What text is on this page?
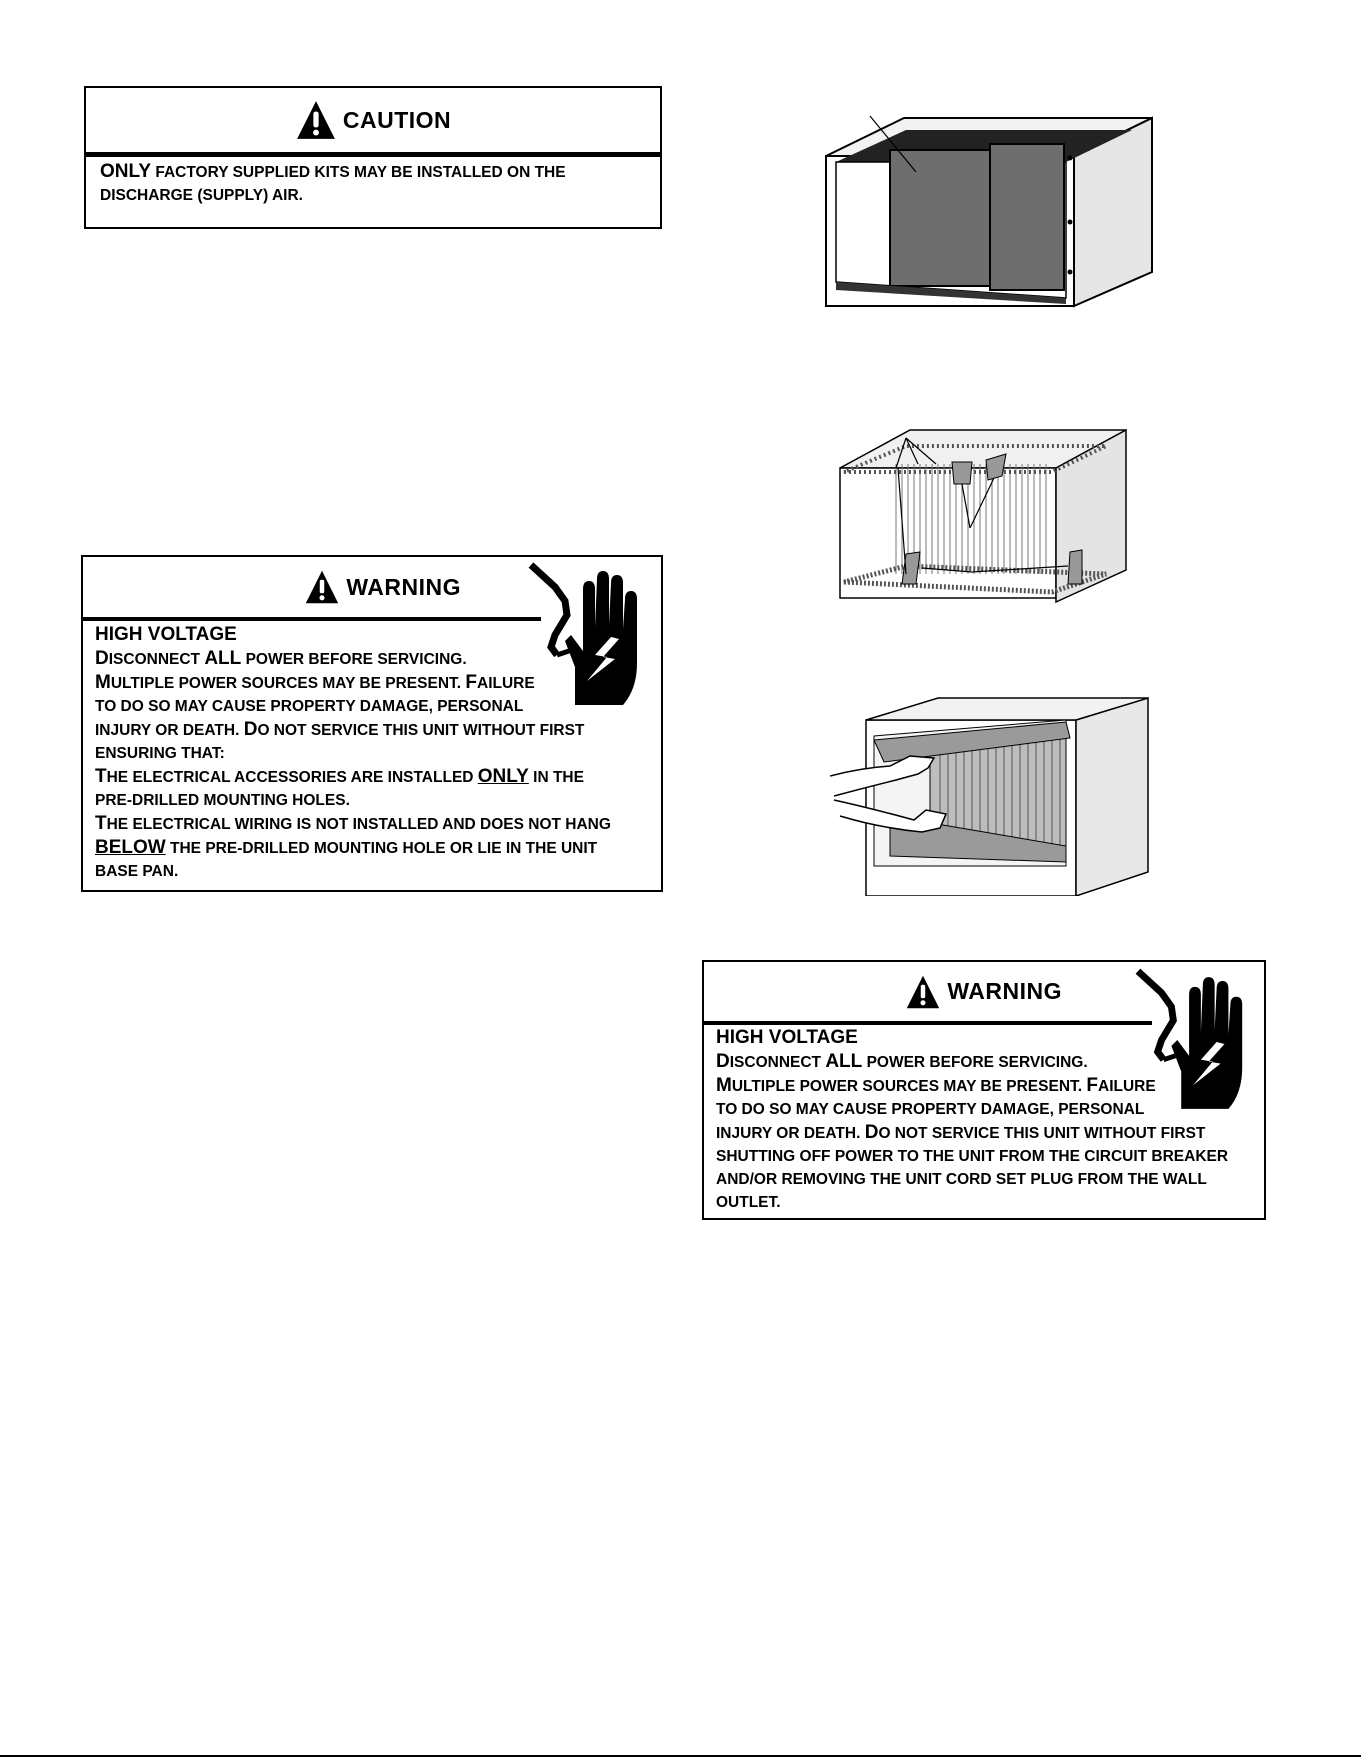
CAUTION
ONLY FACTORY SUPPLIED KITS MAY BE INSTALLED ON THE
DISCHARGE (SUPPLY) AIR.
WARNING
HIGH VOLTAGE
DISCONNECT ALL POWER BEFORE SERVICING.
MULTIPLE POWER SOURCES MAY BE PRESENT. FAILURE
TO DO SO MAY CAUSE PROPERTY DAMAGE, PERSONAL
INJURY OR DEATH. DO NOT SERVICE THIS UNIT WITHOUT FIRST
ENSURING THAT:
THE ELECTRICAL ACCESSORIES ARE INSTALLED ONLY IN THE
PRE-DRILLED MOUNTING HOLES.
THE ELECTRICAL WIRING IS NOT INSTALLED AND DOES NOT HANG
BELOW THE PRE-DRILLED MOUNTING HOLE OR LIE IN THE UNIT
BASE PAN.
WARNING
HIGH VOLTAGE
DISCONNECT ALL POWER BEFORE SERVICING.
MULTIPLE POWER SOURCES MAY BE PRESENT. FAILURE
TO DO SO MAY CAUSE PROPERTY DAMAGE, PERSONAL
INJURY OR DEATH. DO NOT SERVICE THIS UNIT WITHOUT FIRST
SHUTTING OFF POWER TO THE UNIT FROM THE CIRCUIT BREAKER
AND/OR REMOVING THE UNIT CORD SET PLUG FROM THE WALL
OUTLET.
